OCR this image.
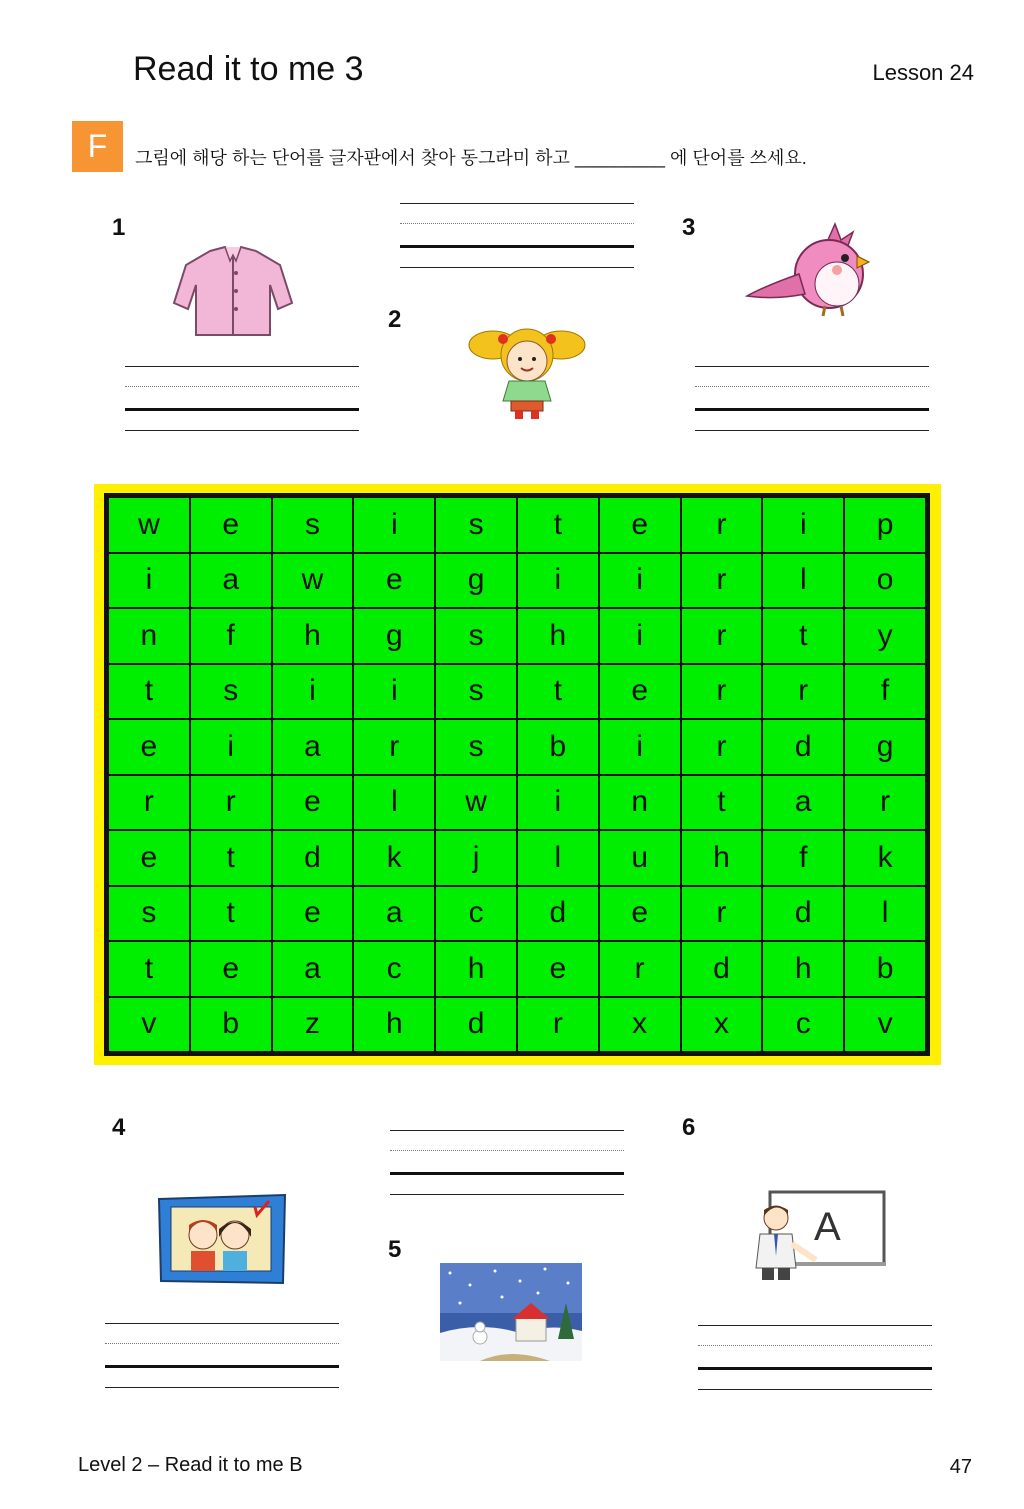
Read it to me 3	Lesson 24
F	그림에 해당 하는 단어를 글자판에서 찾아 동그라미 하고 _________ 에 단어를 쓰세요.
1
2
3
4
5
6
w	e	s	i	s	t	e	r	i	p
i	a	w	e	g	i	i	r	l	o
n	f	h	g	s	h	i	r	t	y
t	s	i	i	s	t	e	r	r	f
e	i	a	r	s	b	i	r	d	g
r	r	e	l	w	i	n	t	a	r
e	t	d	k	j	l	u	h	f	k
s	t	e	a	c	d	e	r	d	l
t	e	a	c	h	e	r	d	h	b
v	b	z	h	d	r	x	x	c	v
A
Level 2 – Read it to me B	47
